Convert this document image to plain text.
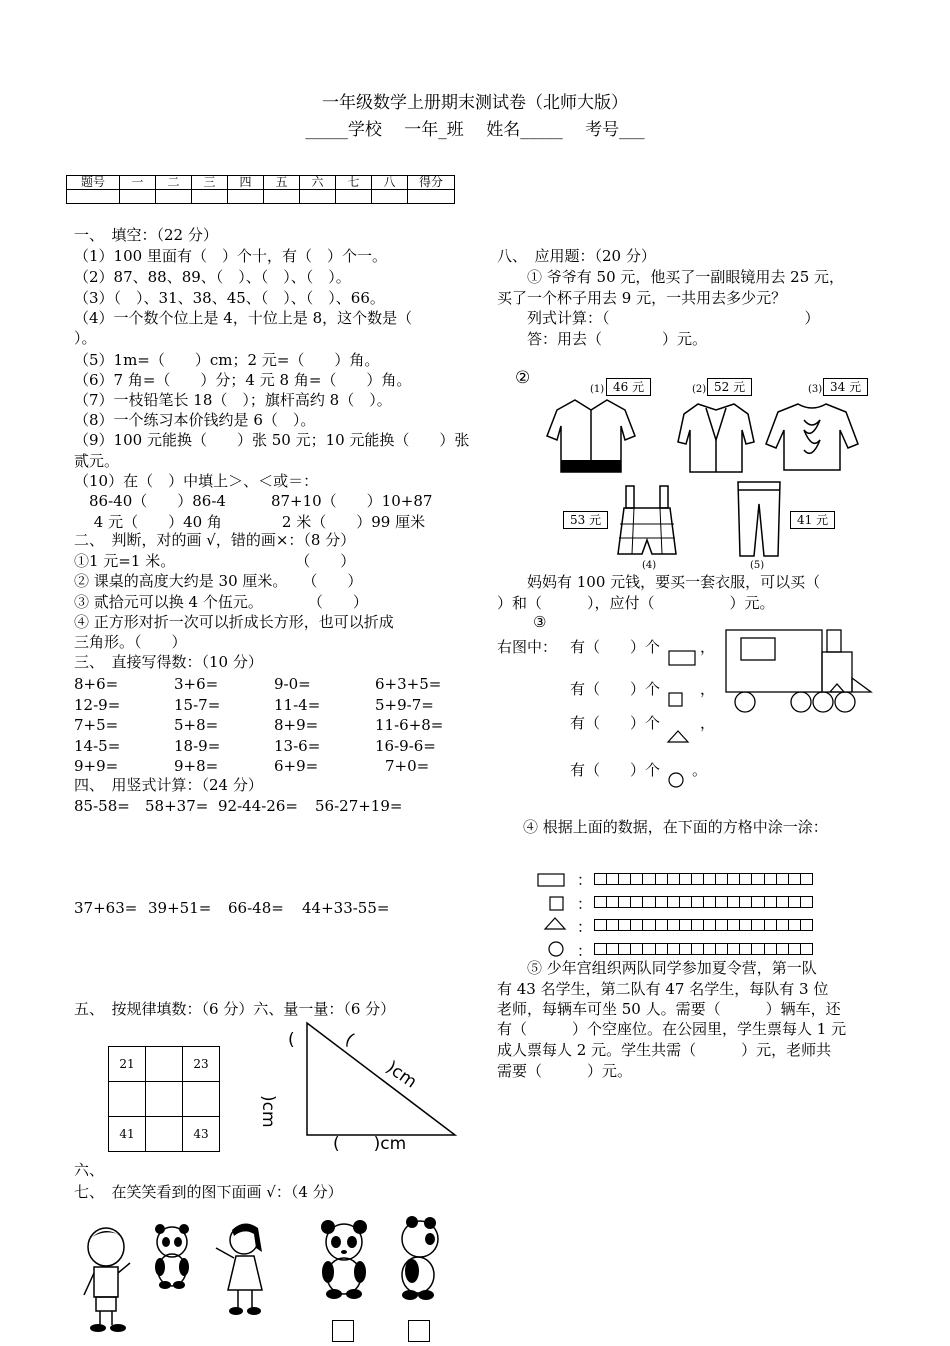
一年级数学上册期末测试卷（北师大版）
_____学校　 一年_班　 姓名_____　 考号___
题号	一	二	三	四	五	六	七	八	得分

一、　填空：（22 分）
（1）100 里面有（　）个十，有（　）个一。
（2）87、88、89、（　）、（　）、（　）。
（3）（　）、31、38、45、（　）、（　）、66。
（4）一个数个位上是 4，十位上是 8，这个数是（
）。
（5）1m=（　　）cm；2 元=（　　）角。
（6）7 角=（　　）分；4 元 8 角=（　　）角。
（7）一枝铅笔长 18（　）；旗杆高约 8（　）。
（8）一个练习本价钱约是 6（　）。
（9）100 元能换（　　）张 50 元；10 元能换（　　）张
贰元。
（10）在（　）中填上＞、＜或＝：
　86-40（　　）86-4　　　87+10（　　）10+87
　 4 元（　　）40 角　　　　2 米（　　）99 厘米
二、　判断，对的画 √，错的画×：（8 分）
①1 元=1 米。　　　　　　　　　（　　）
② 课桌的高度大约是 30 厘米。　　（　　）
③ 贰拾元可以换 4 个伍元。　　　　（　　）
④ 正方形对折一次可以折成长方形，也可以折成
三角形。（　　）
三、　直接写得数：（10 分）
8+6=	3+6=	9-0=	6+3+5=
12-9=	15-7=	11-4=	5+9-7=
7+5=	5+8=	8+9=	11-6+8=
14-5=	18-9=	13-6=	16-9-6=
9+9=	9+8=	6+9=	7+0=
四、　用竖式计算：（24 分）
85-58= 58+37= 92-44-26= 56-27+19=
37+63= 39+51= 66-48= 44+33-55=
五、　按规律填数：（6 分）六、量一量：（6 分）
21		23

41		43
(
)cm
(
)cm
(　　)cm
六、
七、　在笑笑看到的图下面画 √：（4 分）
八、　应用题：（20 分）
　　① 爷爷有 50 元，他买了一副眼镜用去 25 元，
买了一个杯子用去 9 元，一共用去多少元？
　　列式计算：（　　　　　　　　　　　　　）
　　答：用去（　　　　）元。
②
(1) 46 元	(2) 52 元	(3) 34 元
53 元
(4)
41 元
(5)
　　妈妈有 100 元钱，要买一套衣服，可以买（
）和（　　　），应付（　　　　　）元。
③
右图中： 有（　　）个	，
有（　　）个	，
有（　　）个	，
有（　　）个 。
④ 根据上面的数据，在下面的方格中涂一涂：
：
：
：
：
　　⑤ 少年宫组织两队同学参加夏令营，第一队
有 43 名学生，第二队有 47 名学生，每队有 3 位
老师，每辆车可坐 50 人。需要（　　　）辆车，还
有（　　　）个空座位。在公园里，学生票每人 1 元
成人票每人 2 元。学生共需（　　　）元，老师共
需要（　　　）元。
